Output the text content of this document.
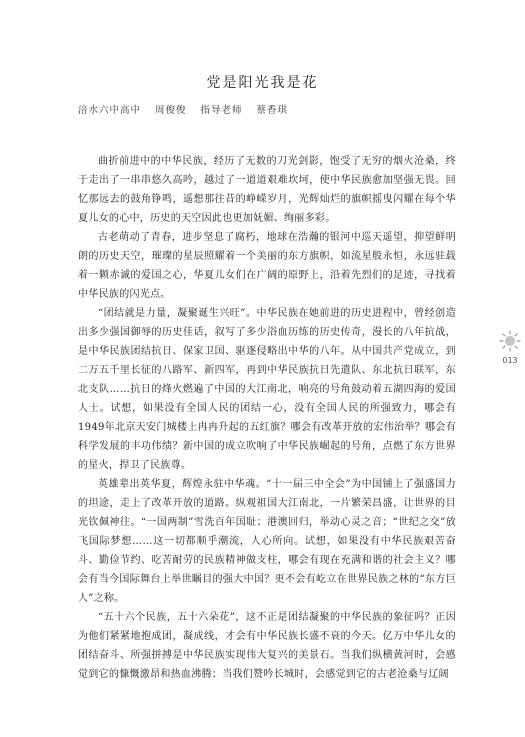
党是阳光我是花
涪水六中高中 周俊俊 指导老师 蔡香琪

曲折前进中的中华民族，经历了无数的刀光剑影，饱受了无穷的烟火沧桑，终于走出了一串串悠久高吟，越过了一道道艰难坎坷，使中华民族愈加坚强无畏。回忆那远去的鼓角铮鸣，遥想那往昔的峥嵘岁月，光辉灿烂的旗帜摇曳闪耀在每个华夏儿女的心中，历史的天空因此也更加妩媚、绚丽多彩。

古老萌动了青春，进步坚息了腐朽，地球在浩瀚的银河中巡天遥望，抑望鲜明朗的历史天空，璀璨的星辰照耀着一个美丽的东方旗帜，如流星般永恒，永远驻载着一颗赤诚的爱国之心，华夏儿女们在广阔的原野上，沿着先烈们的足迹，寻找着中华民族的闪光点。

“团结就是力量，凝聚诞生兴旺”。中华民族在她前进的历史进程中，曾经创造出多少强国御辱的历史佳话，叙写了多少浴血历练的历史传奇，漫长的八年抗战，是中华民族团结抗日、保家卫国、驱逐侵略出中华的八年。从中国共产党成立，到二万五千里长征的八路军、新四军，再到中华民族抗日先遣队、东北抗日联军，东北支队……抗日的烽火燃遍了中国的大江南北，响亮的号角鼓动着五湖四海的爱国人士。试想，如果没有全国人民的团结一心，没有全国人民的所强致力，哪会有1949年北京天安门城楼上冉冉升起的五红旗？哪会有改革开放的宏伟治举？哪会有科学发展的丰功伟绩？新中国的成立吹响了中华民族崛起的号角，点燃了东方世界的星火，捍卫了民族尊。

英雄辈出英华夏，辉煌永驻中华魂。“十一届三中全会”为中国铺上了强盛国力的坦途，走上了改革开放的道路。纵观祖国大江南北，一片繁荣昌盛，让世界的目光钦佩神往。“一国两制”雪洗百年国耻；港澳回归，举动心灵之音；“世纪之交”放飞国际梦想……这一切都顺乎潮流，人心所向。试想，如果没有中华民族艰苦奋斗、勤俭节约、吃苦耐劳的民族精神做支柱，哪会有现在充满和谐的社会主义？哪会有当今国际舞台上举世瞩目的强大中国？更不会有屹立在世界民族之林的“东方巨人”之称。

“五十六个民族，五十六朵花”，这不正是团结凝聚的中华民族的象征吗？正因为他们紧紧地抱成团，凝成线，才会有中华民族长盛不衰的今天。亿万中华儿女的团结奋斗、所强拼搏是中华民族实现伟大复兴的美景石。当我们纵横黄河时，会感觉到它的慷慨激昂和热血沸腾；当我们赞吟长城时，会感觉到它的古老沧桑与辽阔

013
